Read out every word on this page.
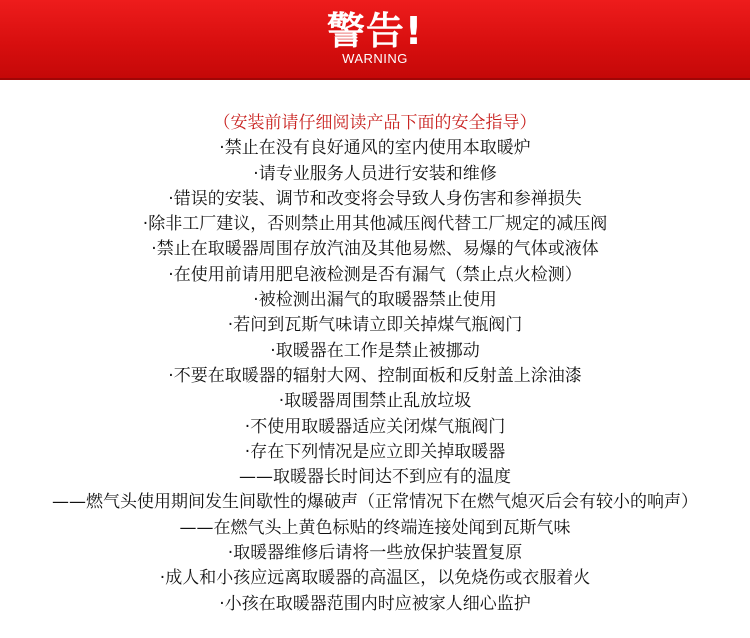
警告!
WARNING
（安装前请仔细阅读产品下面的安全指导）
·禁止在没有良好通风的室内使用本取暖炉
·请专业服务人员进行安装和维修
·错误的安装、调节和改变将会导致人身伤害和参禅损失
·除非工厂建议，否则禁止用其他减压阀代替工厂规定的减压阀
·禁止在取暖器周围存放汽油及其他易燃、易爆的气体或液体
·在使用前请用肥皂液检测是否有漏气（禁止点火检测）
·被检测出漏气的取暖器禁止使用
·若问到瓦斯气味请立即关掉煤气瓶阀门
·取暖器在工作是禁止被挪动
·不要在取暖器的辐射大网、控制面板和反射盖上涂油漆
·取暖器周围禁止乱放垃圾
·不使用取暖器适应关闭煤气瓶阀门
·存在下列情况是应立即关掉取暖器
——取暖器长时间达不到应有的温度
——燃气头使用期间发生间歇性的爆破声（正常情况下在燃气熄灭后会有较小的响声）
——在燃气头上黄色标贴的终端连接处闻到瓦斯气味
·取暖器维修后请将一些放保护装置复原
·成人和小孩应远离取暖器的高温区，以免烧伤或衣服着火
·小孩在取暖器范围内时应被家人细心监护
